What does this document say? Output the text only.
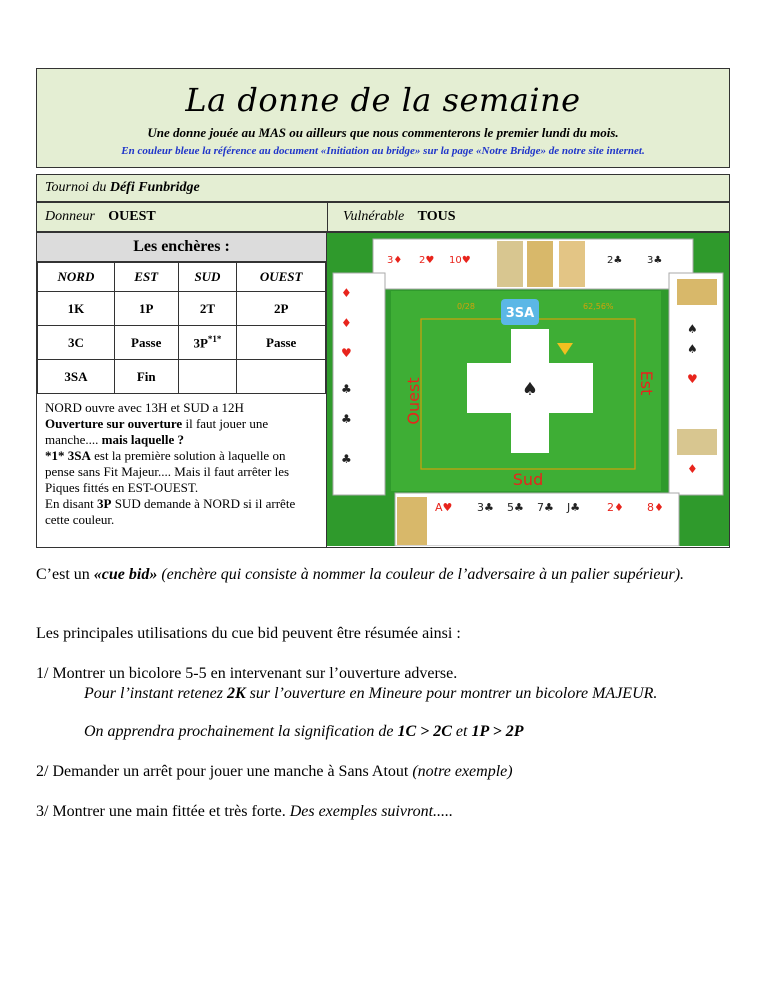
La donne de la semaine
Une donne jouée au MAS ou ailleurs que nous commenterons le premier lundi du mois.
En couleur bleue la référence au document «Initiation au bridge» sur la page «Notre Bridge» de notre site internet.
Tournoi du Défi Funbridge
Donneur OUEST	Vulnérable TOUS
Les enchères :
NORD	EST	SUD	OUEST
1K	1P	2T	2P
3C	Passe	3P$^{*1*}$	Passe
3SA	Fin		
NORD ouvre avec 13H et SUD a 12H
Ouverture sur ouverture il faut jouer une manche.... mais laquelle ?
*1* 3SA est la première solution à laquelle on pense sans Fit Majeur.... Mais il faut arrêter les Piques fittés en EST-OUEST.
En disant 3P SUD demande à NORD si il arrête cette couleur.
3♦ 2♥ 10♥	2♣ 3♣
♦
♦
♥
♣
♣
♣
♠
♠
♥
♦
A♥	2♦ 8♦
3♣ 5♣ 7♣ J♣
3SA
0/28	62,56%
♠
Ouest	Est
Sud
C’est un «cue bid» (enchère qui consiste à nommer la couleur de l’adversaire à un palier supérieur).
Les principales utilisations du cue bid peuvent être résumée ainsi :
1/ Montrer un bicolore 5-5 en intervenant sur l’ouverture adverse.
Pour l’instant retenez 2K sur l’ouverture en Mineure pour montrer un bicolore MAJEUR.
On apprendra prochainement la signification de 1C > 2C et 1P > 2P
2/ Demander un arrêt pour jouer une manche à Sans Atout (notre exemple)
3/ Montrer une main fittée et très forte. Des exemples suivront.....
